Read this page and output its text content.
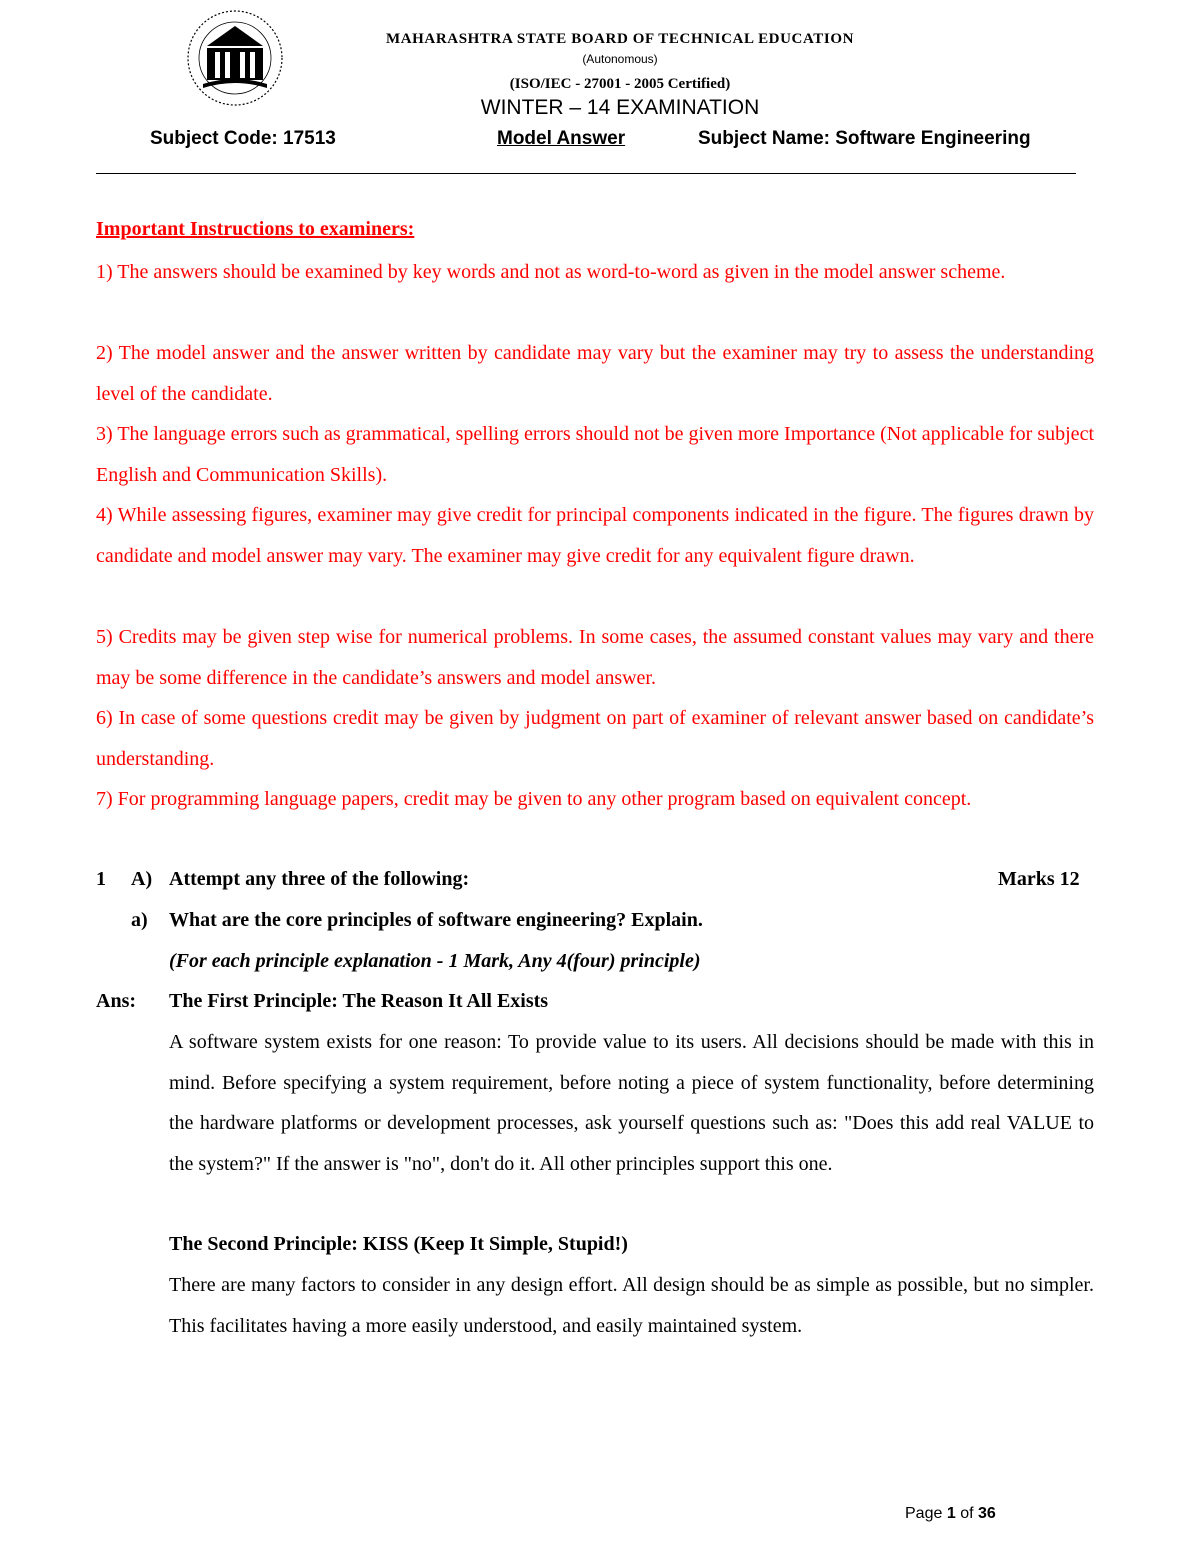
MAHARASHTRA STATE BOARD OF TECHNICAL EDUCATION
(Autonomous)
(ISO/IEC - 27001 - 2005 Certified)
WINTER – 14 EXAMINATION
Subject Code: 17513	Model Answer	Subject Name: Software Engineering
Important Instructions to examiners:
1) The answers should be examined by key words and not as word-to-word as given in the model answer scheme.
2) The model answer and the answer written by candidate may vary but the examiner may try to assess the understanding level of the candidate.
3) The language errors such as grammatical, spelling errors should not be given more Importance (Not applicable for subject English and Communication Skills).
4) While assessing figures, examiner may give credit for principal components indicated in the figure. The figures drawn by candidate and model answer may vary. The examiner may give credit for any equivalent figure drawn.
5) Credits may be given step wise for numerical problems. In some cases, the assumed constant values may vary and there may be some difference in the candidate’s answers and model answer.
6) In case of some questions credit may be given by judgment on part of examiner of relevant answer based on candidate’s understanding.
7) For programming language papers, credit may be given to any other program based on equivalent concept.
1 A) Attempt any three of the following:	Marks 12
a) What are the core principles of software engineering? Explain.
(For each principle explanation - 1 Mark, Any 4(four) principle)
Ans: The First Principle: The Reason It All Exists
A software system exists for one reason: To provide value to its users. All decisions should be made with this in mind. Before specifying a system requirement, before noting a piece of system functionality, before determining the hardware platforms or development processes, ask yourself questions such as: "Does this add real VALUE to the system?" If the answer is "no", don't do it. All other principles support this one.
The Second Principle: KISS (Keep It Simple, Stupid!)
There are many factors to consider in any design effort. All design should be as simple as possible, but no simpler. This facilitates having a more easily understood, and easily maintained system.
Page 1 of 36
